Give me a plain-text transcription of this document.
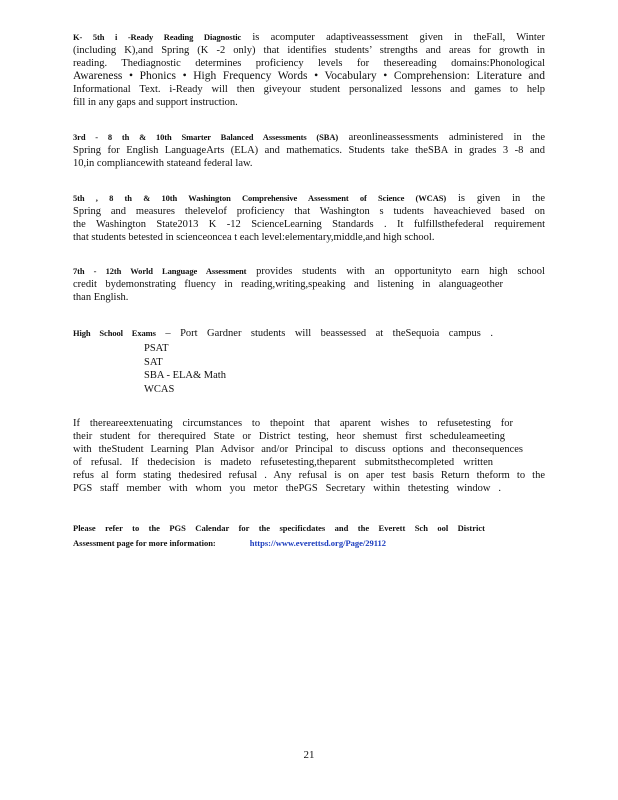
K- 5th i -Ready Reading Diagnostic is acomputer adaptiveassessment given in theFall, Winter
(including K),and Spring (K -2 only) that identifies students’ strengths and areas for growth in
reading. Thediagnostic determines proficiency levels for thesereading domains:Phonological
Awareness • Phonics • High Frequency Words • Vocabulary • Comprehension: Literature and
Informational Text. i-Ready will then giveyour student personalized lessons and games to help
fill in any gaps and support instruction.
3rd - 8 th & 10th Smarter Balanced Assessments (SBA) areonlineassessments administered in the
Spring for English LanguageArts (ELA) and mathematics. Students take theSBA in grades 3 -8 and
10,in compliancewith stateand federal law.
5th , 8 th & 10th Washington Comprehensive Assessment of Science (WCAS) is given in the
Spring and measures thelevelof proficiency that Washington s tudents haveachieved based on
the Washington State2013 K -12 ScienceLearning Standards . It fulfillsthefederal requirement
that students betested in scienceoncea t each level:elementary,middle,and high school.
7th - 12th World Language Assessment provides students with an opportunityto earn high school
credit bydemonstrating fluency in reading,writing,speaking and listening in alanguageother
than English.
High School Exams – Port Gardner students will beassessed at theSequoia campus .
PSAT
SAT
SBA - ELA& Math
WCAS
If thereareextenuating circumstances to thepoint that aparent wishes to refusetesting for
their student for therequired State or District testing, heor shemust first scheduleameeting
with theStudent Learning Plan Advisor and/or Principal to discuss options and theconsequences
of refusal. If thedecision is madeto refusetesting,theparent submitsthecompleted written
refus al form stating thedesired refusal . Any refusal is on aper test basis Return theform to the
PGS staff member with whom you metor thePGS Secretary within thetesting window .
Please refer to the PGS Calendar for the specificdates and the Everett Sch ool District
Assessment page for more information:	https://www.everettsd.org/Page/29112
21
